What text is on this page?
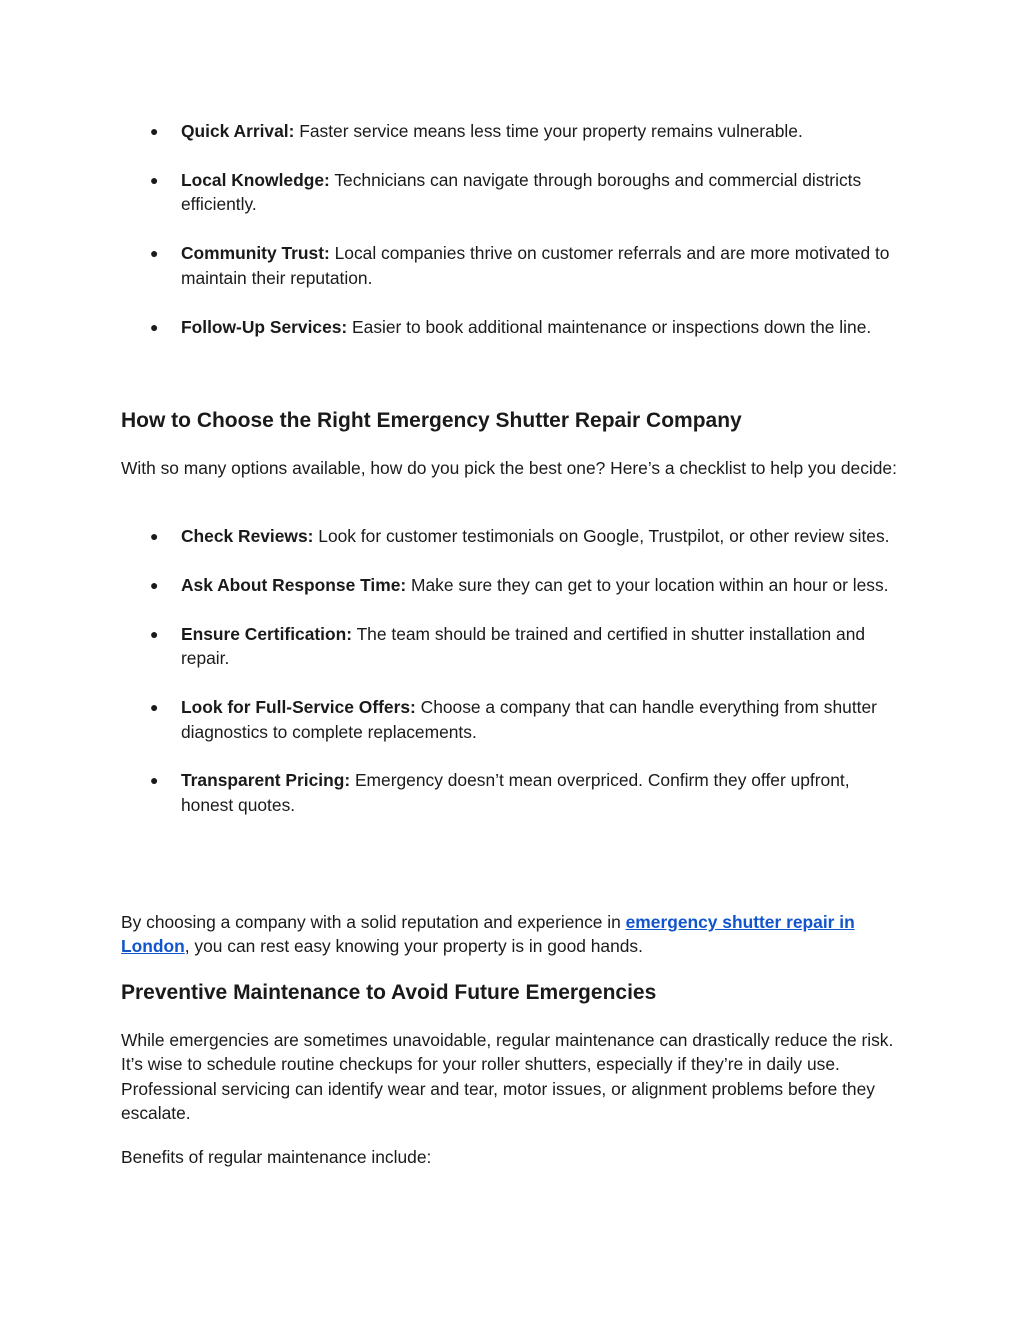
● Quick Arrival: Faster service means less time your property remains vulnerable.
● Local Knowledge: Technicians can navigate through boroughs and commercial districts efficiently.
● Community Trust: Local companies thrive on customer referrals and are more motivated to maintain their reputation.
● Follow-Up Services: Easier to book additional maintenance or inspections down the line.
How to Choose the Right Emergency Shutter Repair Company

With so many options available, how do you pick the best one? Here’s a checklist to help you decide:

● Check Reviews: Look for customer testimonials on Google, Trustpilot, or other review sites.
● Ask About Response Time: Make sure they can get to your location within an hour or less.
● Ensure Certification: The team should be trained and certified in shutter installation and repair.
● Look for Full-Service Offers: Choose a company that can handle everything from shutter diagnostics to complete replacements.
● Transparent Pricing: Emergency doesn’t mean overpriced. Confirm they offer upfront, honest quotes.

By choosing a company with a solid reputation and experience in emergency shutter repair in London, you can rest easy knowing your property is in good hands.

Preventive Maintenance to Avoid Future Emergencies

While emergencies are sometimes unavoidable, regular maintenance can drastically reduce the risk. It’s wise to schedule routine checkups for your roller shutters, especially if they’re in daily use. Professional servicing can identify wear and tear, motor issues, or alignment problems before they escalate.

Benefits of regular maintenance include:
